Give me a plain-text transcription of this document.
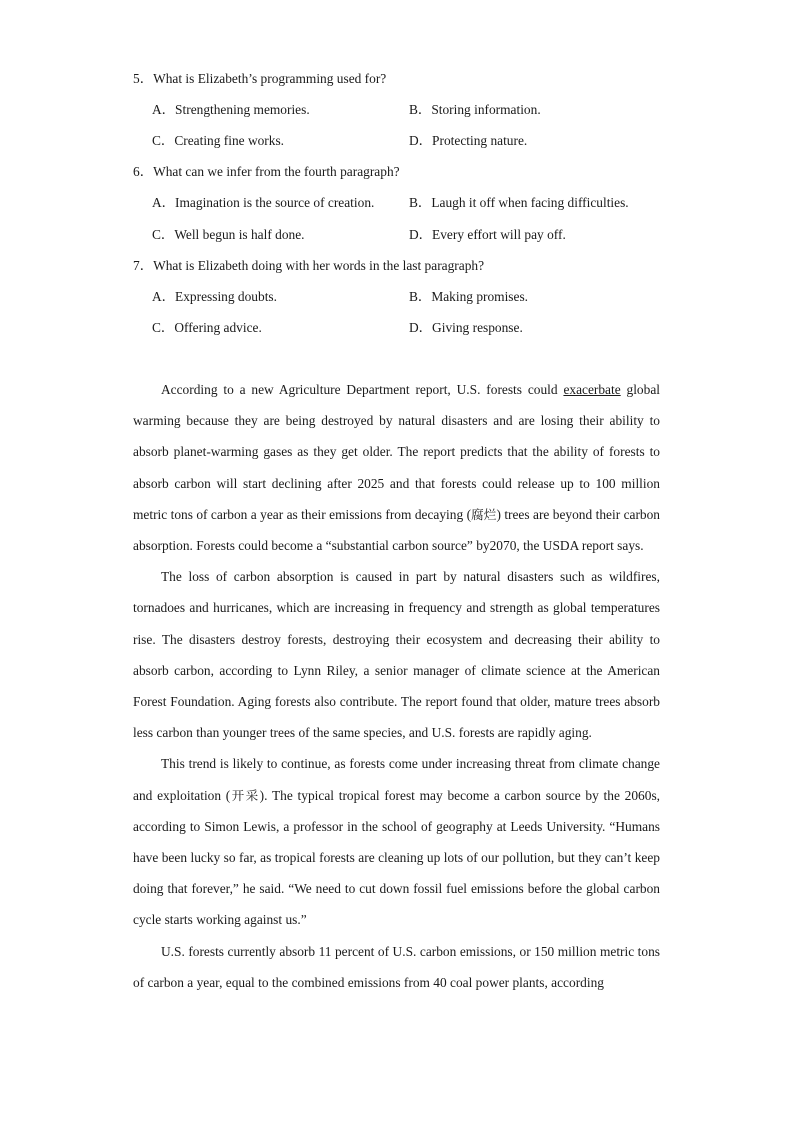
5．What is Elizabeth’s programming used for?
A．Strengthening memories.	B．Storing information.
C．Creating fine works.	D．Protecting nature.
6．What can we infer from the fourth paragraph?
A．Imagination is the source of creation.	B．Laugh it off when facing difficulties.
C．Well begun is half done.	D．Every effort will pay off.
7．What is Elizabeth doing with her words in the last paragraph?
A．Expressing doubts.	B．Making promises.
C．Offering advice.	D．Giving response.

According to a new Agriculture Department report, U.S. forests could exacerbate global warming because they are being destroyed by natural disasters and are losing their ability to absorb planet-warming gases as they get older. The report predicts that the ability of forests to absorb carbon will start declining after 2025 and that forests could release up to 100 million metric tons of carbon a year as their emissions from decaying (腐烂) trees are beyond their carbon absorption. Forests could become a “substantial carbon source” by2070, the USDA report says.

The loss of carbon absorption is caused in part by natural disasters such as wildfires, tornadoes and hurricanes, which are increasing in frequency and strength as global temperatures rise. The disasters destroy forests, destroying their ecosystem and decreasing their ability to absorb carbon, according to Lynn Riley, a senior manager of climate science at the American Forest Foundation. Aging forests also contribute. The report found that older, mature trees absorb less carbon than younger trees of the same species, and U.S. forests are rapidly aging.

This trend is likely to continue, as forests come under increasing threat from climate change and exploitation (开采). The typical tropical forest may become a carbon source by the 2060s, according to Simon Lewis, a professor in the school of geography at Leeds University. “Humans have been lucky so far, as tropical forests are cleaning up lots of our pollution, but they can’t keep doing that forever,” he said. “We need to cut down fossil fuel emissions before the global carbon cycle starts working against us.”

U.S. forests currently absorb 11 percent of U.S. carbon emissions, or 150 million metric tons of carbon a year, equal to the combined emissions from 40 coal power plants, according
